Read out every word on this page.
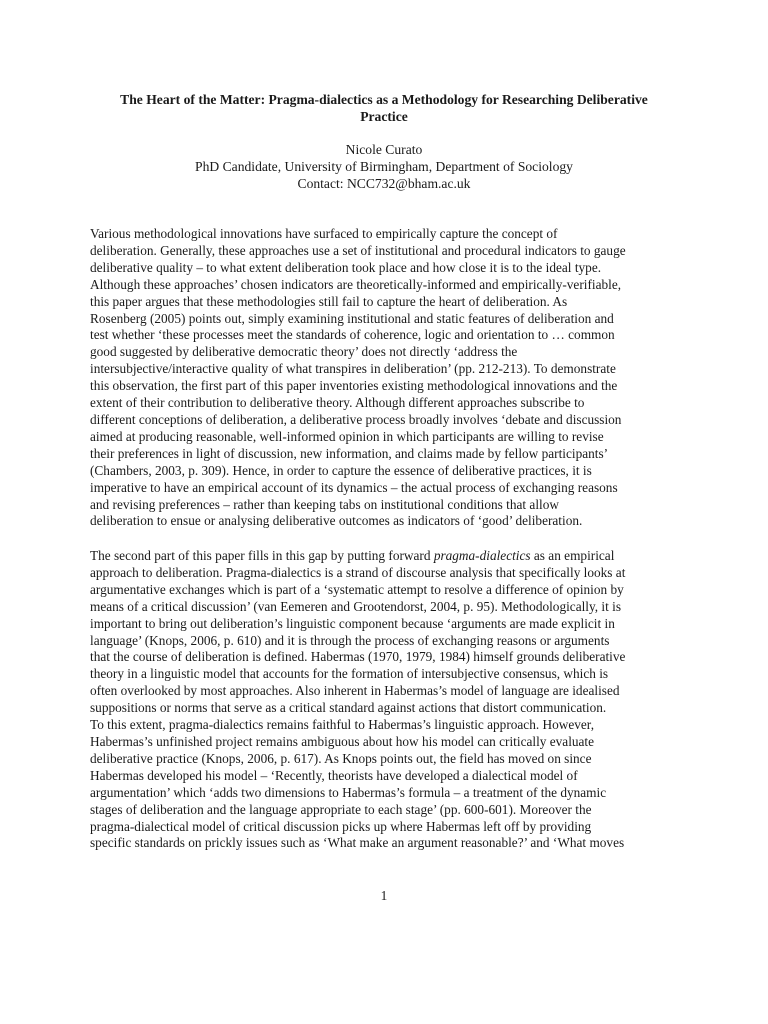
The Heart of the Matter: Pragma-dialectics as a Methodology for Researching Deliberative
Practice
Nicole Curato
PhD Candidate, University of Birmingham, Department of Sociology
Contact: NCC732@bham.ac.uk
Various methodological innovations have surfaced to empirically capture the concept of
deliberation. Generally, these approaches use a set of institutional and procedural indicators to gauge
deliberative quality – to what extent deliberation took place and how close it is to the ideal type.
Although these approaches’ chosen indicators are theoretically-informed and empirically-verifiable,
this paper argues that these methodologies still fail to capture the heart of deliberation. As
Rosenberg (2005) points out, simply examining institutional and static features of deliberation and
test whether ‘these processes meet the standards of coherence, logic and orientation to … common
good suggested by deliberative democratic theory’ does not directly ‘address the
intersubjective/interactive quality of what transpires in deliberation’ (pp. 212-213). To demonstrate
this observation, the first part of this paper inventories existing methodological innovations and the
extent of their contribution to deliberative theory. Although different approaches subscribe to
different conceptions of deliberation, a deliberative process broadly involves ‘debate and discussion
aimed at producing reasonable, well-informed opinion in which participants are willing to revise
their preferences in light of discussion, new information, and claims made by fellow participants’
(Chambers, 2003, p. 309). Hence, in order to capture the essence of deliberative practices, it is
imperative to have an empirical account of its dynamics – the actual process of exchanging reasons
and revising preferences – rather than keeping tabs on institutional conditions that allow
deliberation to ensue or analysing deliberative outcomes as indicators of ‘good’ deliberation.
The second part of this paper fills in this gap by putting forward pragma-dialectics as an empirical
approach to deliberation. Pragma-dialectics is a strand of discourse analysis that specifically looks at
argumentative exchanges which is part of a ‘systematic attempt to resolve a difference of opinion by
means of a critical discussion’ (van Eemeren and Grootendorst, 2004, p. 95). Methodologically, it is
important to bring out deliberation’s linguistic component because ‘arguments are made explicit in
language’ (Knops, 2006, p. 610) and it is through the process of exchanging reasons or arguments
that the course of deliberation is defined. Habermas (1970, 1979, 1984) himself grounds deliberative
theory in a linguistic model that accounts for the formation of intersubjective consensus, which is
often overlooked by most approaches. Also inherent in Habermas’s model of language are idealised
suppositions or norms that serve as a critical standard against actions that distort communication.
To this extent, pragma-dialectics remains faithful to Habermas’s linguistic approach. However,
Habermas’s unfinished project remains ambiguous about how his model can critically evaluate
deliberative practice (Knops, 2006, p. 617). As Knops points out, the field has moved on since
Habermas developed his model – ‘Recently, theorists have developed a dialectical model of
argumentation’ which ‘adds two dimensions to Habermas’s formula – a treatment of the dynamic
stages of deliberation and the language appropriate to each stage’ (pp. 600-601). Moreover the
pragma-dialectical model of critical discussion picks up where Habermas left off by providing
specific standards on prickly issues such as ‘What make an argument reasonable?’ and ‘What moves
1
